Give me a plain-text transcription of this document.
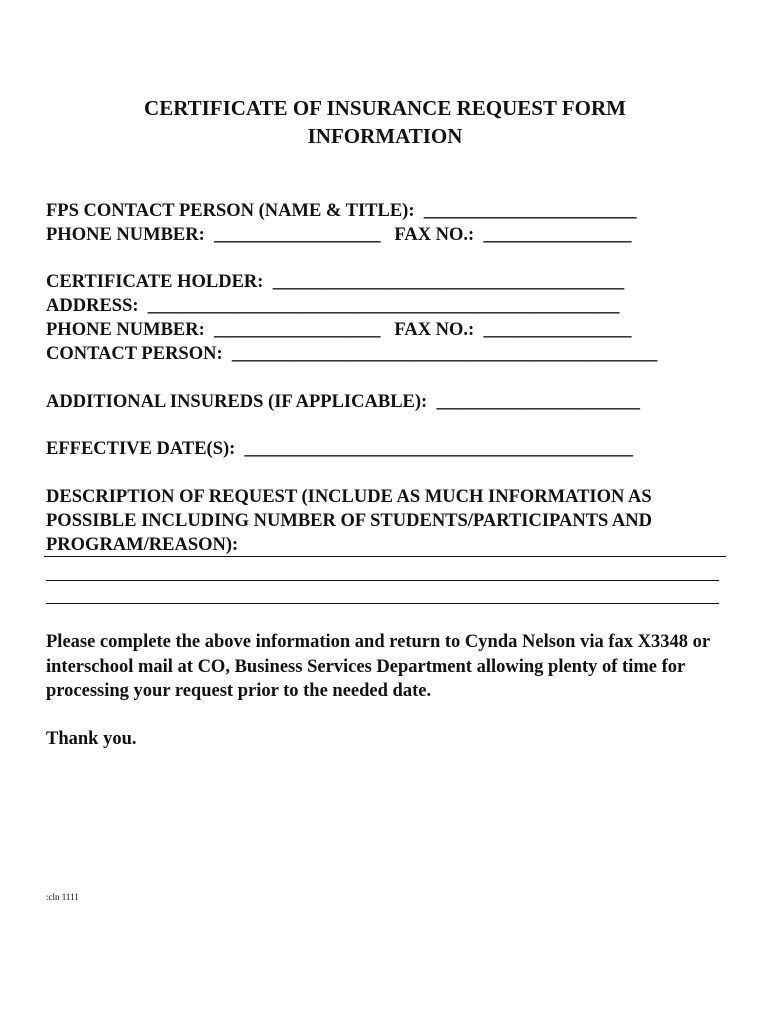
CERTIFICATE OF INSURANCE REQUEST FORM
INFORMATION
FPS CONTACT PERSON (NAME & TITLE):  _______________________
PHONE NUMBER:  __________________   FAX NO.:  ________________
CERTIFICATE HOLDER:  ______________________________________
ADDRESS:  ___________________________________________________
PHONE NUMBER:  __________________   FAX NO.:  ________________
CONTACT PERSON:  ______________________________________________
ADDITIONAL INSUREDS (IF APPLICABLE):  ______________________
EFFECTIVE DATE(S):  __________________________________________
DESCRIPTION OF REQUEST (INCLUDE AS MUCH INFORMATION AS
POSSIBLE INCLUDING NUMBER OF STUDENTS/PARTICIPANTS AND
PROGRAM/REASON):
Please complete the above information and return to Cynda Nelson via fax X3348 or interschool mail at CO, Business Services Department allowing plenty of time for processing your request prior to the needed date.
Thank you.
:cln 1111
